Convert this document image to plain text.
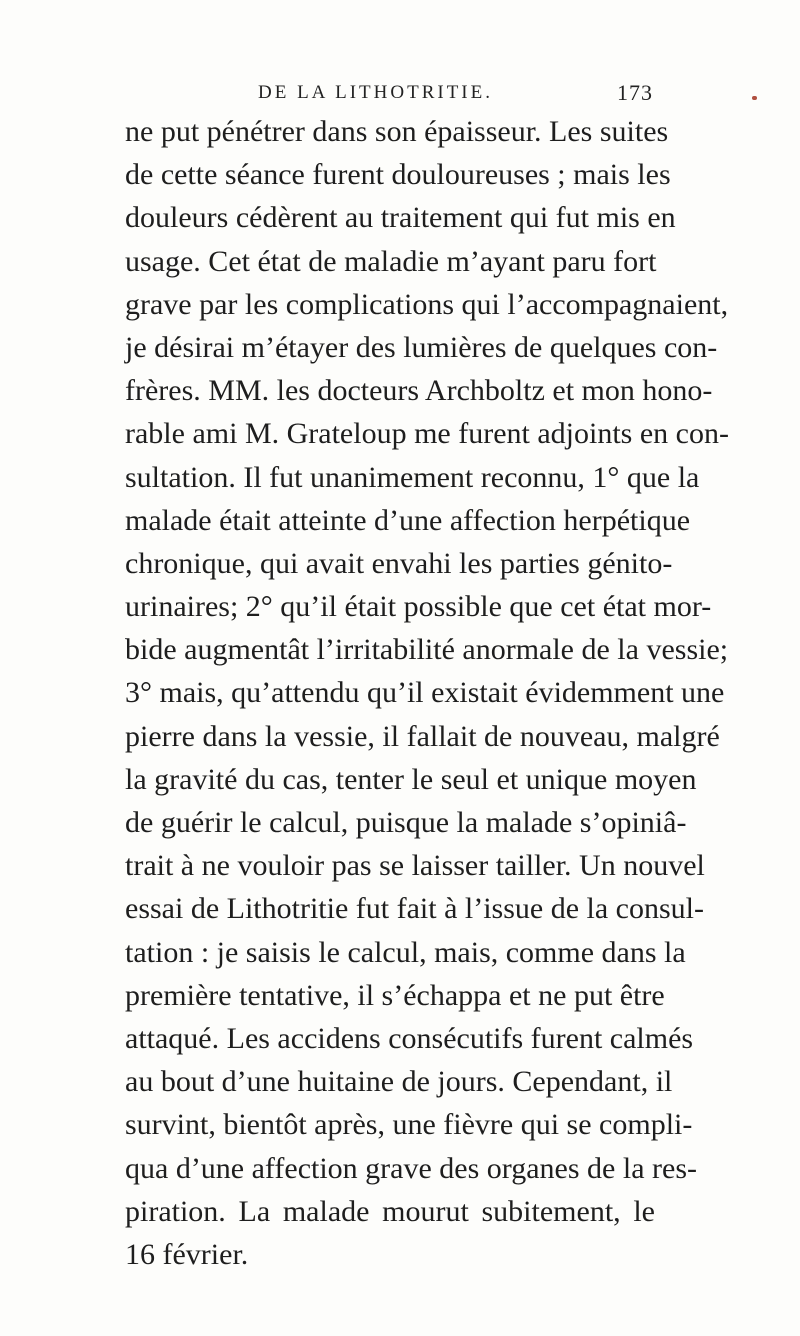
DE LA LITHOTRITIE.	173
ne put pénétrer dans son épaisseur. Les suites
de cette séance furent douloureuses ; mais les
douleurs cédèrent au traitement qui fut mis en
usage. Cet état de maladie m’ayant paru fort
grave par les complications qui l’accompagnaient,
je désirai m’étayer des lumières de quelques con-
frères. MM. les docteurs Archboltz et mon hono-
rable ami M. Grateloup me furent adjoints en con-
sultation. Il fut unanimement reconnu, 1° que la
malade était atteinte d’une affection herpétique
chronique, qui avait envahi les parties génito-
urinaires; 2° qu’il était possible que cet état mor-
bide augmentât l’irritabilité anormale de la vessie;
3° mais, qu’attendu qu’il existait évidemment une
pierre dans la vessie, il fallait de nouveau, malgré
la gravité du cas, tenter le seul et unique moyen
de guérir le calcul, puisque la malade s’opiniâ-
trait à ne vouloir pas se laisser tailler. Un nouvel
essai de Lithotritie fut fait à l’issue de la consul-
tation : je saisis le calcul, mais, comme dans la
première tentative, il s’échappa et ne put être
attaqué. Les accidens consécutifs furent calmés
au bout d’une huitaine de jours. Cependant, il
survint, bientôt après, une fièvre qui se compli-
qua d’une affection grave des organes de la res-
piration. La malade mourut subitement, le
16 février.
